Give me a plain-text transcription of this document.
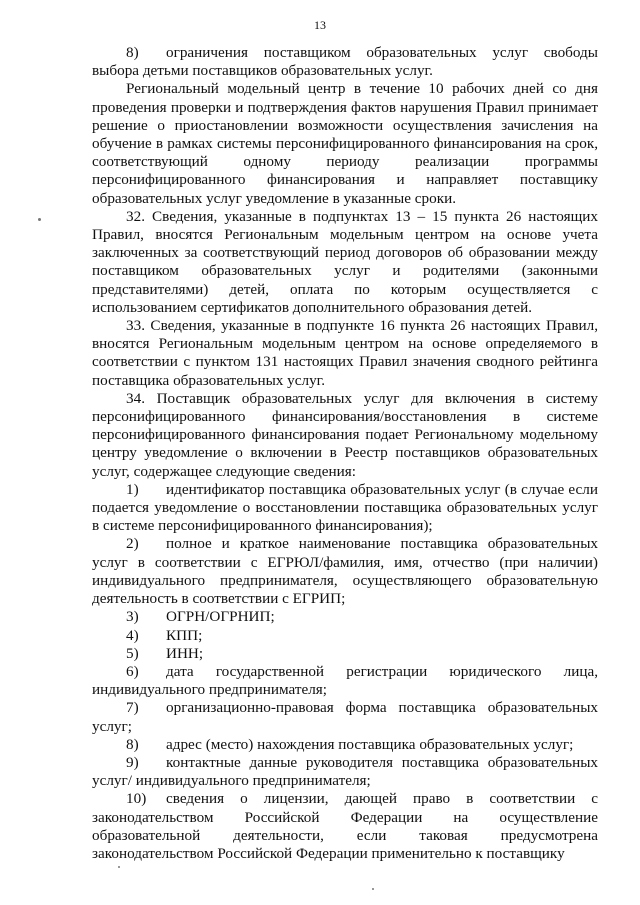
13

8) ограничения поставщиком образовательных услуг свободы выбора детьми поставщиков образовательных услуг.

Региональный модельный центр в течение 10 рабочих дней со дня проведения проверки и подтверждения фактов нарушения Правил принимает решение о приостановлении возможности осуществления зачисления на обучение в рамках системы персонифицированного финансирования на срок, соответствующий одному периоду реализации программы персонифицированного финансирования и направляет поставщику образовательных услуг уведомление в указанные сроки.

32. Сведения, указанные в подпунктах 13 – 15 пункта 26 настоящих Правил, вносятся Региональным модельным центром на основе учета заключенных за соответствующий период договоров об образовании между поставщиком образовательных услуг и родителями (законными представителями) детей, оплата по которым осуществляется с использованием сертификатов дополнительного образования детей.

33. Сведения, указанные в подпункте 16 пункта 26 настоящих Правил, вносятся Региональным модельным центром на основе определяемого в соответствии с пунктом 131 настоящих Правил значения сводного рейтинга поставщика образовательных услуг.

34. Поставщик образовательных услуг для включения в систему персонифицированного финансирования/восстановления в системе персонифицированного финансирования подает Региональному модельному центру уведомление о включении в Реестр поставщиков образовательных услуг, содержащее следующие сведения:

1) идентификатор поставщика образовательных услуг (в случае если подается уведомление о восстановлении поставщика образовательных услуг в системе персонифицированного финансирования);

2) полное и краткое наименование поставщика образовательных услуг в соответствии с ЕГРЮЛ/фамилия, имя, отчество (при наличии) индивидуального предпринимателя, осуществляющего образовательную деятельность в соответствии с ЕГРИП;

3) ОГРН/ОГРНИП;

4) КПП;

5) ИНН;

6) дата государственной регистрации юридического лица, индивидуального предпринимателя;

7) организационно-правовая форма поставщика образовательных услуг;

8) адрес (место) нахождения поставщика образовательных услуг;

9) контактные данные руководителя поставщика образовательных услуг/ индивидуального предпринимателя;

10) сведения о лицензии, дающей право в соответствии с законодательством Российской Федерации на осуществление образовательной деятельности, если таковая предусмотрена законодательством Российской Федерации применительно к поставщику
